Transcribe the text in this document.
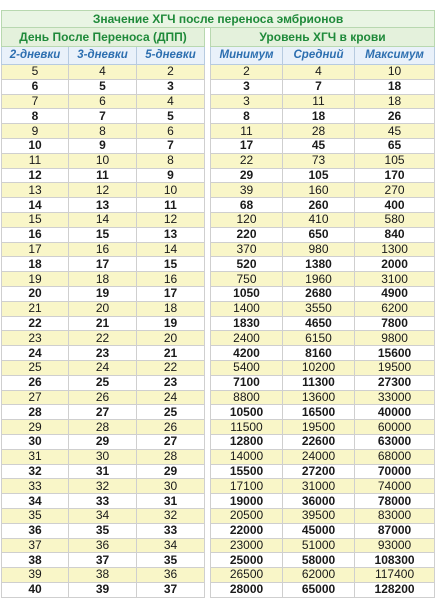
Значение ХГЧ после переноса эмбрионов						
День После Переноса (ДПП)				Уровень ХГЧ в крови		
2-дневки	3-дневки	5-дневки		Минимум	Средний	Максимум
5	4	2		2	4	10
6	5	3		3	7	18
7	6	4		3	11	18
8	7	5		8	18	26
9	8	6		11	28	45
10	9	7		17	45	65
11	10	8		22	73	105
12	11	9		29	105	170
13	12	10		39	160	270
14	13	11		68	260	400
15	14	12		120	410	580
16	15	13		220	650	840
17	16	14		370	980	1300
18	17	15		520	1380	2000
19	18	16		750	1960	3100
20	19	17		1050	2680	4900
21	20	18		1400	3550	6200
22	21	19		1830	4650	7800
23	22	20		2400	6150	9800
24	23	21		4200	8160	15600
25	24	22		5400	10200	19500
26	25	23		7100	11300	27300
27	26	24		8800	13600	33000
28	27	25		10500	16500	40000
29	28	26		11500	19500	60000
30	29	27		12800	22600	63000
31	30	28		14000	24000	68000
32	31	29		15500	27200	70000
33	32	30		17100	31000	74000
34	33	31		19000	36000	78000
35	34	32		20500	39500	83000
36	35	33		22000	45000	87000
37	36	34		23000	51000	93000
38	37	35		25000	58000	108300
39	38	36		26500	62000	117400
40	39	37		28000	65000	128200
